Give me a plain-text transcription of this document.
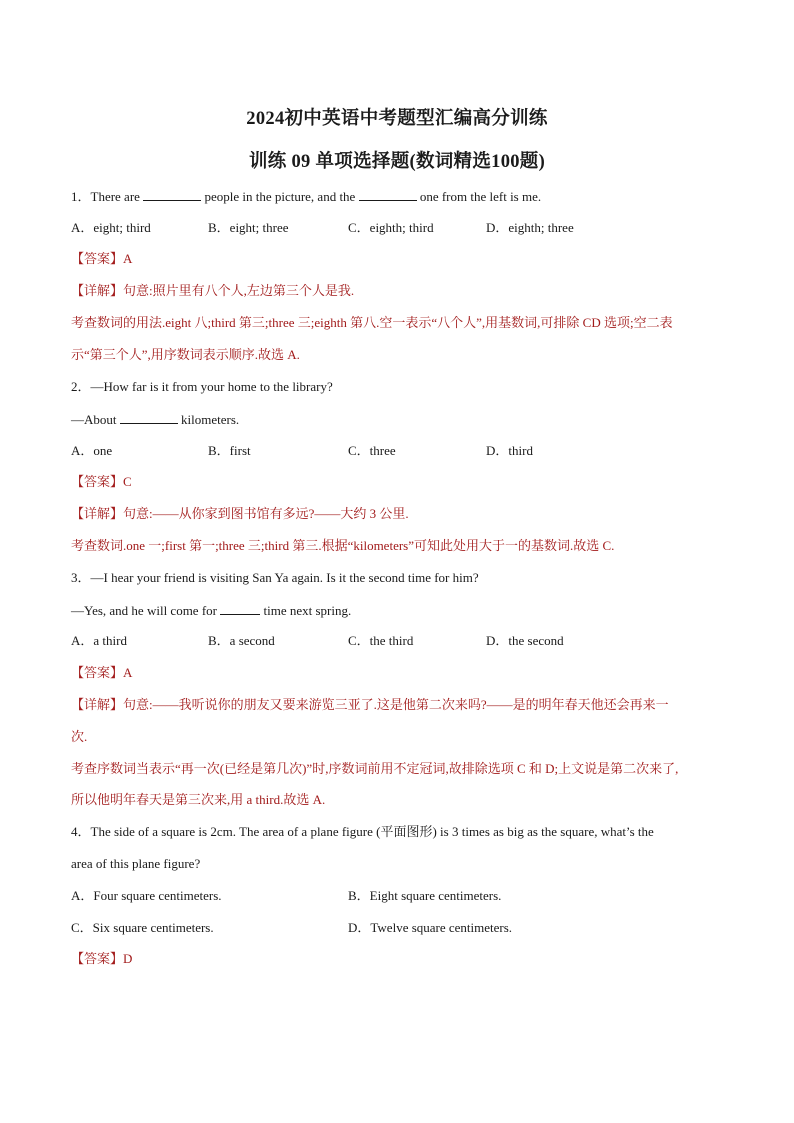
2024初中英语中考题型汇编高分训练
训练 09 单项选择题(数词精选100题)
1．There are	people in the picture, and the	one from the left is me.
A．eight; third	B．eight; three	C．eighth; third	D．eighth; three
【答案】A
【详解】句意:照片里有八个人,左边第三个人是我.
考查数词的用法.eight 八;third 第三;three 三;eighth 第八.空一表示“八个人”,用基数词,可排除 CD 选项;空二表
示“第三个人”,用序数词表示顺序.故选 A.
2．—How far is it from your home to the library?
—About	kilometers.
A．one	B．first	C．three	D．third
【答案】C
【详解】句意:——从你家到图书馆有多远?——大约 3 公里.
考查数词.one 一;first 第一;three 三;third 第三.根据“kilometers”可知此处用大于一的基数词.故选 C.
3．—I hear your friend is visiting San Ya again. Is it the second time for him?
—Yes, and he will come for	time next spring.
A．a third	B．a second	C．the third	D．the second
【答案】A
【详解】句意:——我听说你的朋友又要来游览三亚了.这是他第二次来吗?——是的明年春天他还会再来一
次.
考查序数词当表示“再一次(已经是第几次)”时,序数词前用不定冠词,故排除选项 C 和 D;上文说是第二次来了,
所以他明年春天是第三次来,用 a third.故选 A.
4．The side of a square is 2cm. The area of a plane figure (平面图形) is 3 times as big as the square, what’s the
area of this plane figure?
A．Four square centimeters.	B．Eight square centimeters.
C．Six square centimeters.	D．Twelve square centimeters.
【答案】D
